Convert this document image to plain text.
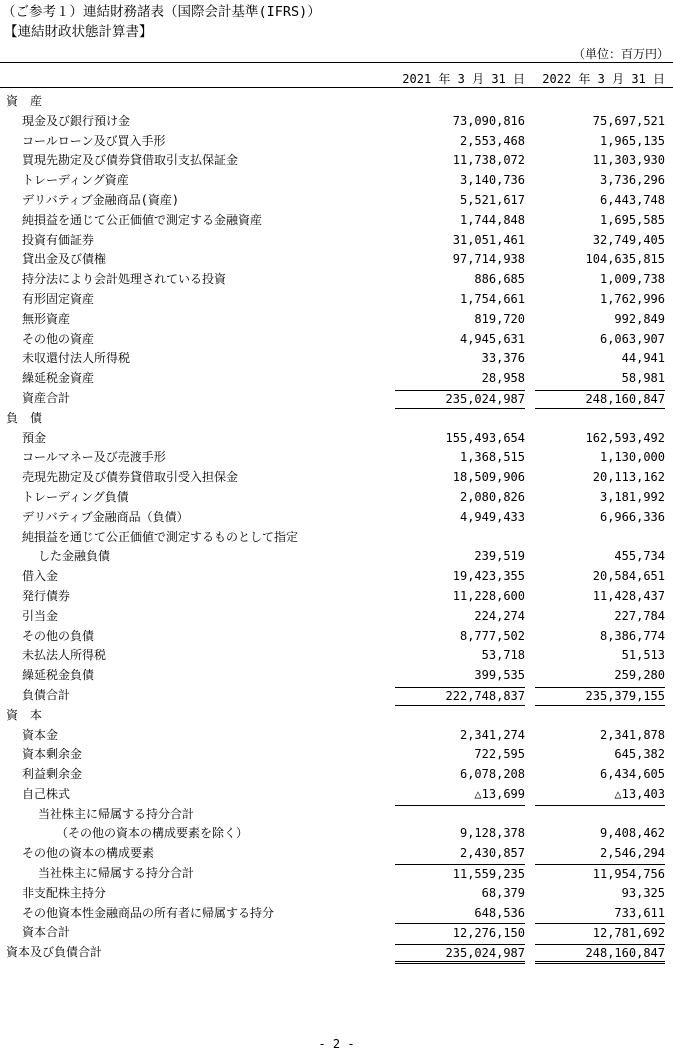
（ご参考１）連結財務諸表（国際会計基準(IFRS)）
【連結財政状態計算書】
（単位：百万円）
2021 年 3 月 31 日	2022 年 3 月 31 日
資　産
現金及び銀行預け金	73,090,816	75,697,521
コールローン及び買入手形	2,553,468	1,965,135
買現先勘定及び債券貸借取引支払保証金	11,738,072	11,303,930
トレーディング資産	3,140,736	3,736,296
デリバティブ金融商品(資産)	5,521,617	6,443,748
純損益を通じて公正価値で測定する金融資産	1,744,848	1,695,585
投資有価証券	31,051,461	32,749,405
貸出金及び債権	97,714,938	104,635,815
持分法により会計処理されている投資	886,685	1,009,738
有形固定資産	1,754,661	1,762,996
無形資産	819,720	992,849
その他の資産	4,945,631	6,063,907
未収還付法人所得税	33,376	44,941
繰延税金資産	28,958	58,981
資産合計	235,024,987	248,160,847
負　債
預金	155,493,654	162,593,492
コールマネー及び売渡手形	1,368,515	1,130,000
売現先勘定及び債券貸借取引受入担保金	18,509,906	20,113,162
トレーディング負債	2,080,826	3,181,992
デリバティブ金融商品（負債）	4,949,433	6,966,336
純損益を通じて公正価値で測定するものとして指定
した金融負債	239,519	455,734
借入金	19,423,355	20,584,651
発行債券	11,228,600	11,428,437
引当金	224,274	227,784
その他の負債	8,777,502	8,386,774
未払法人所得税	53,718	51,513
繰延税金負債	399,535	259,280
負債合計	222,748,837	235,379,155
資　本
資本金	2,341,274	2,341,878
資本剰余金	722,595	645,382
利益剰余金	6,078,208	6,434,605
自己株式	△13,699	△13,403
当社株主に帰属する持分合計
（その他の資本の構成要素を除く）	9,128,378	9,408,462
その他の資本の構成要素	2,430,857	2,546,294
当社株主に帰属する持分合計	11,559,235	11,954,756
非支配株主持分	68,379	93,325
その他資本性金融商品の所有者に帰属する持分	648,536	733,611
資本合計	12,276,150	12,781,692
資本及び負債合計	235,024,987	248,160,847
- 2 -
